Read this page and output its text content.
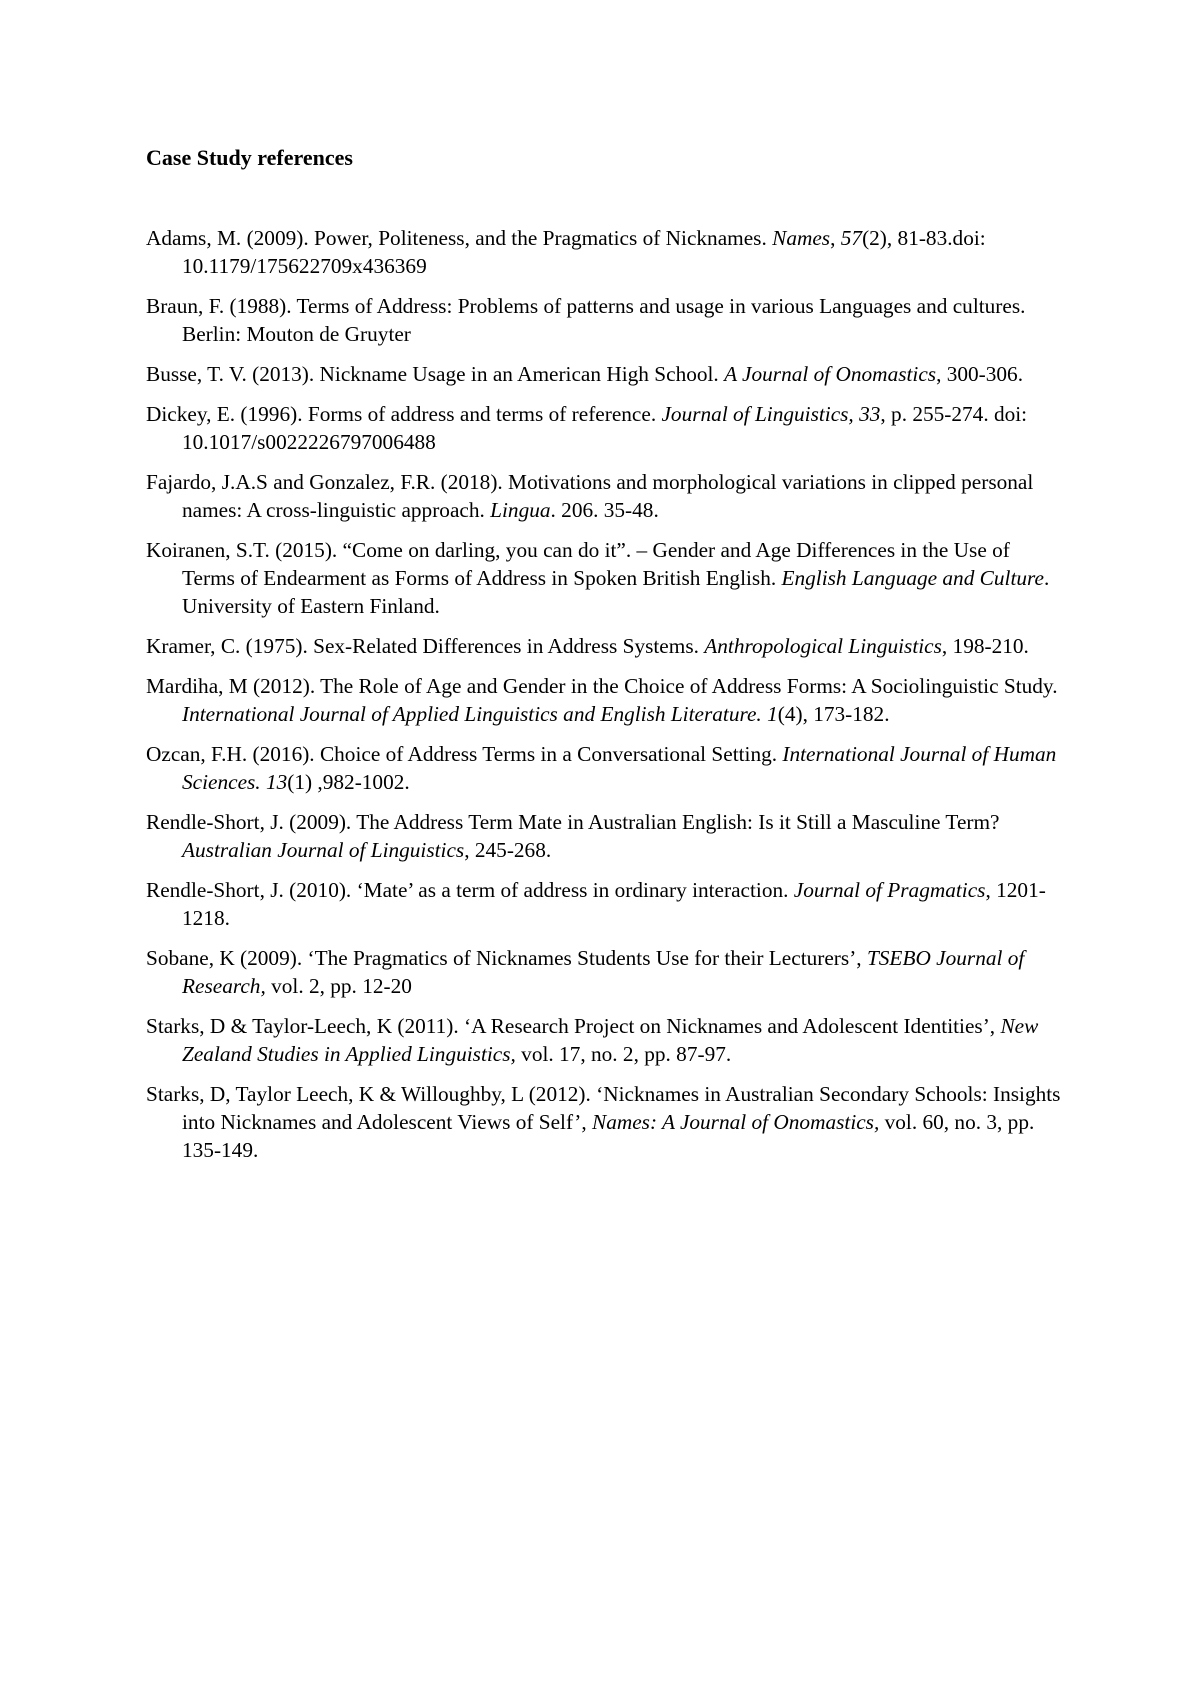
Case Study references
Adams, M. (2009). Power, Politeness, and the Pragmatics of Nicknames. Names, 57(2), 81-83.doi: 10.1179/175622709x436369
Braun, F. (1988). Terms of Address: Problems of patterns and usage in various Languages and cultures. Berlin: Mouton de Gruyter
Busse, T. V. (2013). Nickname Usage in an American High School. A Journal of Onomastics, 300-306.
Dickey, E. (1996). Forms of address and terms of reference. Journal of Linguistics, 33, p. 255-274. doi: 10.1017/s0022226797006488
Fajardo, J.A.S and Gonzalez, F.R. (2018). Motivations and morphological variations in clipped personal names: A cross-linguistic approach. Lingua. 206. 35-48.
Koiranen, S.T. (2015). “Come on darling, you can do it”. – Gender and Age Differences in the Use of Terms of Endearment as Forms of Address in Spoken British English. English Language and Culture. University of Eastern Finland.
Kramer, C. (1975). Sex-Related Differences in Address Systems. Anthropological Linguistics, 198-210.
Mardiha, M (2012). The Role of Age and Gender in the Choice of Address Forms: A Sociolinguistic Study. International Journal of Applied Linguistics and English Literature. 1(4), 173-182.
Ozcan, F.H. (2016). Choice of Address Terms in a Conversational Setting. International Journal of Human Sciences. 13(1) ,982-1002.
Rendle-Short, J. (2009). The Address Term Mate in Australian English: Is it Still a Masculine Term? Australian Journal of Linguistics, 245-268.
Rendle-Short, J. (2010). ‘Mate’ as a term of address in ordinary interaction. Journal of Pragmatics, 1201-1218.
Sobane, K (2009). ‘The Pragmatics of Nicknames Students Use for their Lecturers’, TSEBO Journal of Research, vol. 2, pp. 12-20
Starks, D & Taylor-Leech, K (2011). ‘A Research Project on Nicknames and Adolescent Identities’, New Zealand Studies in Applied Linguistics, vol. 17, no. 2, pp. 87-97.
Starks, D, Taylor Leech, K & Willoughby, L (2012). ‘Nicknames in Australian Secondary Schools: Insights into Nicknames and Adolescent Views of Self’, Names: A Journal of Onomastics, vol. 60, no. 3, pp. 135-149.
